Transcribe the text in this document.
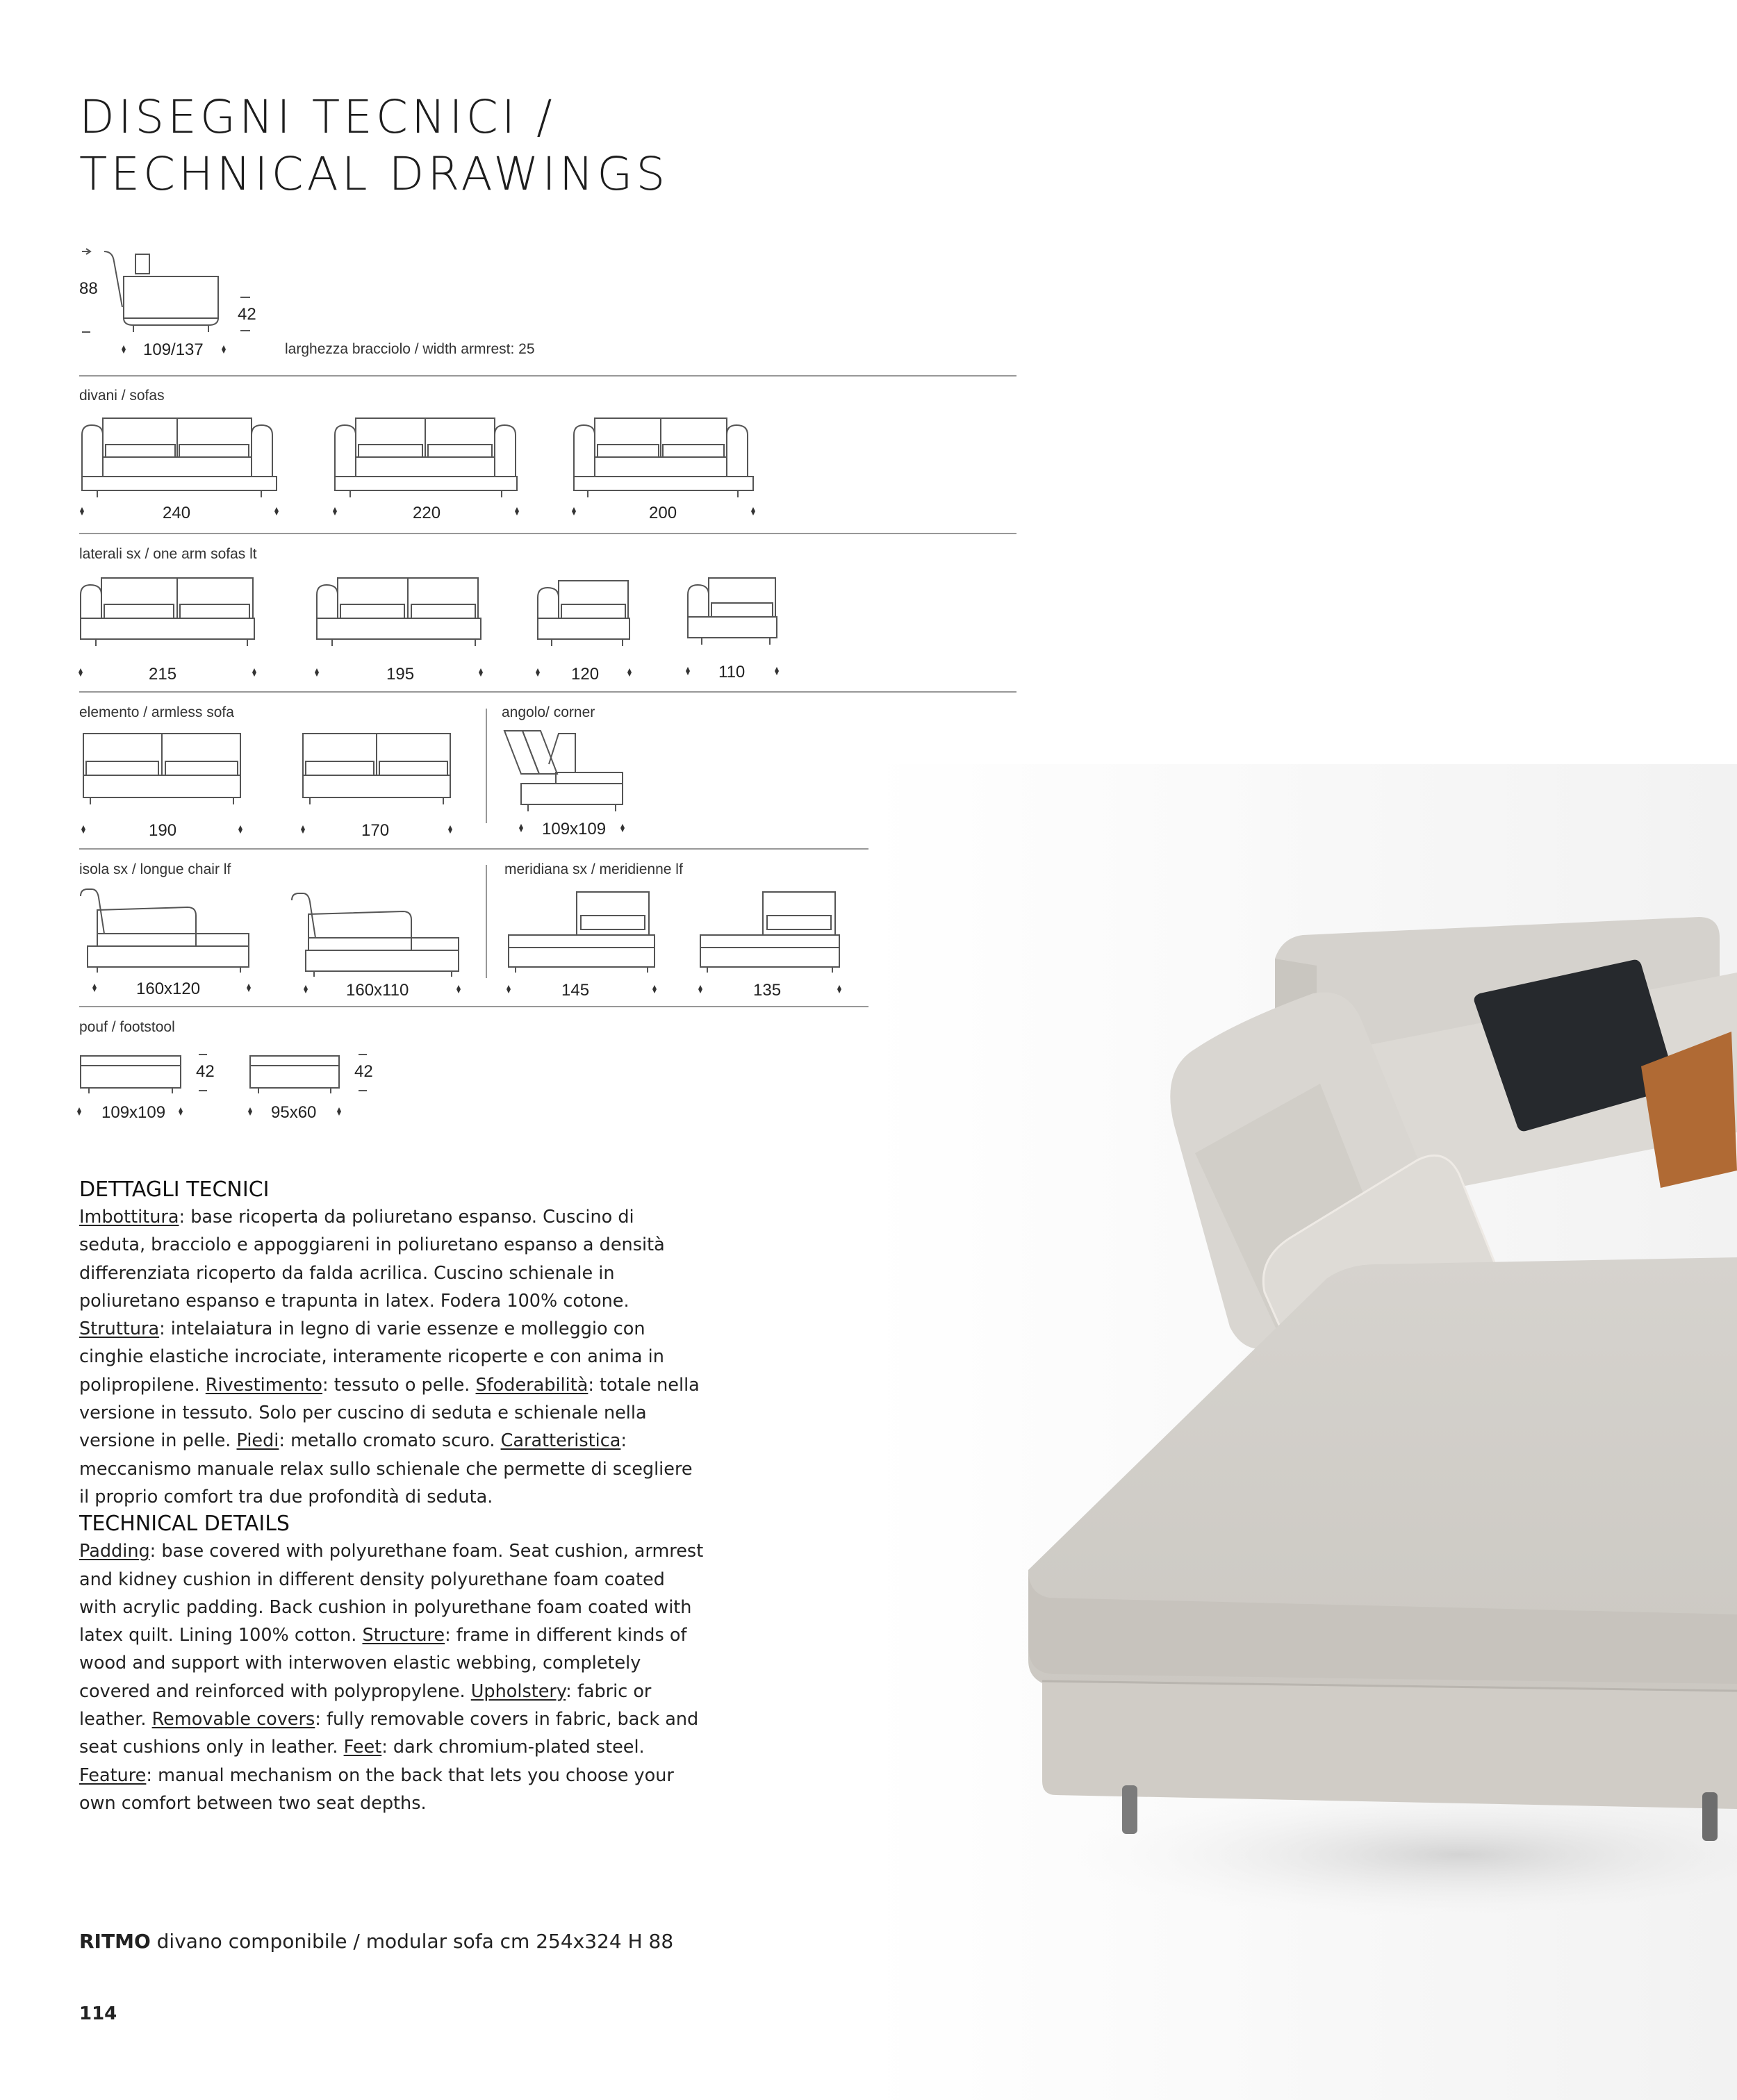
DISEGNI TECNICI /
TECHNICAL DRAWINGS
88
42
109/137	larghezza bracciolo / width armrest: 25
divani / sofas
240	220	200
laterali sx / one arm sofas lt
215	195	120	110
elemento / armless sofa
190	170
angolo/ corner
109x109
isola sx / longue chair lf
160x120	160x110
meridiana sx / meridienne lf
145	135
pouf / footstool
42	42
109x109	95x60
DETTAGLI TECNICI

Imbottitura: base ricoperta da poliuretano espanso. Cuscino di seduta, bracciolo e appoggiareni in poliuretano espanso a densità differenziata ricoperto da falda acrilica. Cuscino schienale in poliuretano espanso e trapunta in latex. Fodera 100% cotone. Struttura: intelaiatura in legno di varie essenze e molleggio con cinghie elastiche incrociate, interamente ricoperte e con anima in polipropilene. Rivestimento: tessuto o pelle. Sfoderabilità: totale nella versione in tessuto. Solo per cuscino di seduta e schienale nella versione in pelle. Piedi: metallo cromato scuro. Caratteristica: meccanismo manuale relax sullo schienale che permette di scegliere il proprio comfort tra due profondità di seduta.

TECHNICAL DETAILS

Padding: base covered with polyurethane foam. Seat cushion, armrest and kidney cushion in different density polyurethane foam coated with acrylic padding. Back cushion in polyurethane foam coated with latex quilt. Lining 100% cotton. Structure: frame in different kinds of wood and support with interwoven elastic webbing, completely covered and reinforced with polypropylene. Upholstery: fabric or leather. Removable covers: fully removable covers in fabric, back and seat cushions only in leather. Feet: dark chromium-plated steel. Feature: manual mechanism on the back that lets you choose your own comfort between two seat depths.

RITMO divano componibile / modular sofa cm 254x324 H 88
114
